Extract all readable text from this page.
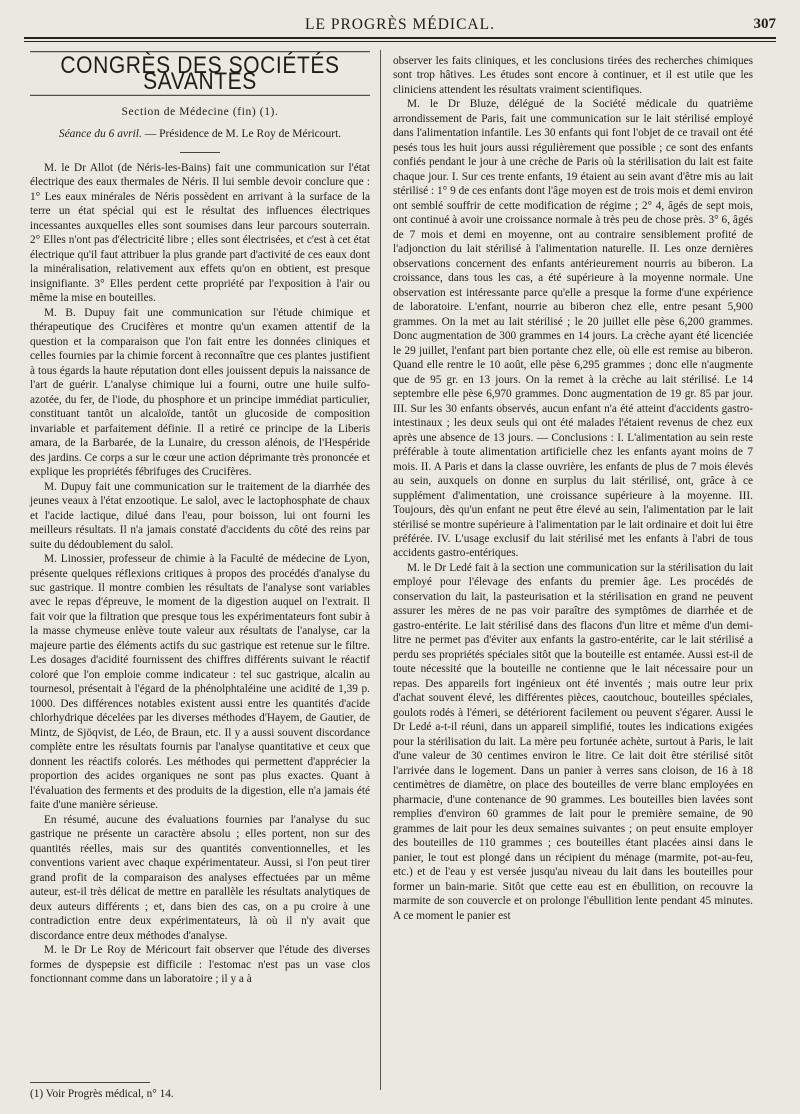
LE PROGRÈS MÉDICAL.	307
CONGRÈS DES SOCIÉTÉS SAVANTES
Section de Médecine (fin) (1).
Séance du 6 avril. — Présidence de M. Le Roy de Méricourt.

M. le Dr Allot (de Néris-les-Bains) fait une communication sur l'état électrique des eaux thermales de Néris. Il lui semble devoir conclure que : 1° Les eaux minérales de Néris possèdent en arrivant à la surface de la terre un état spécial qui est le résultat des influences électriques incessantes auxquelles elles sont soumises dans leur parcours souterrain. 2° Elles n'ont pas d'électricité libre ; elles sont électrisées, et c'est à cet état électrique qu'il faut attribuer la plus grande part d'activité de ces eaux dont la minéralisation, relativement aux effets qu'on en obtient, est presque insignifiante. 3° Elles perdent cette propriété par l'exposition à l'air ou même la mise en bouteilles.

M. B. Dupuy fait une communication sur l'étude chimique et thérapeutique des Crucifères et montre qu'un examen attentif de la question et la comparaison que l'on fait entre les données cliniques et celles fournies par la chimie forcent à reconnaître que ces plantes justifient à tous égards la haute réputation dont elles jouissent depuis la naissance de l'art de guérir. L'analyse chimique lui a fourni, outre une huile sulfo-azotée, du fer, de l'iode, du phosphore et un principe immédiat particulier, constituant tantôt un alcaloïde, tantôt un glucoside de composition invariable et parfaitement définie. Il a retiré ce principe de la Liberis amara, de la Barbarée, de la Lunaire, du cresson alénois, de l'Hespéride des jardins. Ce corps a sur le cœur une action déprimante très prononcée et explique les propriétés fébrifuges des Crucifères.

M. Dupuy fait une communication sur le traitement de la diarrhée des jeunes veaux à l'état enzootique. Le salol, avec le lactophosphate de chaux et l'acide lactique, dilué dans l'eau, pour boisson, lui ont fourni les meilleurs résultats. Il n'a jamais constaté d'accidents du côté des reins par suite du dédoublement du salol.

M. Linossier, professeur de chimie à la Faculté de médecine de Lyon, présente quelques réflexions critiques à propos des procédés d'analyse du suc gastrique. Il montre combien les résultats de l'analyse sont variables avec le repas d'épreuve, le moment de la digestion auquel on l'extrait. Il fait voir que la filtration que presque tous les expérimentateurs font subir à la masse chymeuse enlève toute valeur aux résultats de l'analyse, car la majeure partie des éléments actifs du suc gastrique est retenue sur le filtre. Les dosages d'acidité fournissent des chiffres différents suivant le réactif coloré que l'on emploie comme indicateur : tel suc gastrique, alcalin au tournesol, présentait à l'égard de la phénolphtaléine une acidité de 1,39 p. 1000. Des différences notables existent aussi entre les quantités d'acide chlorhydrique décelées par les diverses méthodes d'Hayem, de Gautier, de Mintz, de Sjöqvist, de Léo, de Braun, etc. Il y a aussi souvent discordance complète entre les résultats fournis par l'analyse quantitative et ceux que donnent les réactifs colorés. Les méthodes qui permettent d'apprécier la proportion des acides organiques ne sont pas plus exactes. Quant à l'évaluation des ferments et des produits de la digestion, elle n'a jamais été faite d'une manière sérieuse.

En résumé, aucune des évaluations fournies par l'analyse du suc gastrique ne présente un caractère absolu ; elles portent, non sur des quantités réelles, mais sur des quantités conventionnelles, et les conventions varient avec chaque expérimentateur. Aussi, si l'on peut tirer grand profit de la comparaison des analyses effectuées par un même auteur, est-il très délicat de mettre en parallèle les résultats analytiques de deux auteurs différents ; et, dans bien des cas, on a pu croire à une contradiction entre deux expérimentateurs, là où il n'y avait que discordance entre deux méthodes d'analyse.

M. le Dr Le Roy de Méricourt fait observer que l'étude des diverses formes de dyspepsie est difficile : l'estomac n'est pas un vase clos fonctionnant comme dans un laboratoire ; il y a à

observer les faits cliniques, et les conclusions tirées des recherches chimiques sont trop hâtives. Les études sont encore à continuer, et il est utile que les cliniciens attendent les résultats vraiment scientifiques.

M. le Dr Bluze, délégué de la Société médicale du quatrième arrondissement de Paris, fait une communication sur le lait stérilisé employé dans l'alimentation infantile. Les 30 enfants qui font l'objet de ce travail ont été pesés tous les huit jours aussi régulièrement que possible ; ce sont des enfants confiés pendant le jour à une crèche de Paris où la stérilisation du lait est faite chaque jour. I. Sur ces trente enfants, 19 étaient au sein avant d'être mis au lait stérilisé : 1° 9 de ces enfants dont l'âge moyen est de trois mois et demi environ ont semblé souffrir de cette modification de régime ; 2° 4, âgés de sept mois, ont continué à avoir une croissance normale à très peu de chose près. 3° 6, âgés de 7 mois et demi en moyenne, ont au contraire sensiblement profité de l'adjonction du lait stérilisé à l'alimentation naturelle. II. Les onze dernières observations concernent des enfants antérieurement nourris au biberon. La croissance, dans tous les cas, a été supérieure à la moyenne normale. Une observation est intéressante parce qu'elle a presque la forme d'une expérience de laboratoire. L'enfant, nourrie au biberon chez elle, entre pesant 5,900 grammes. On la met au lait stérilisé ; le 20 juillet elle pèse 6,200 grammes. Donc augmentation de 300 grammes en 14 jours. La crèche ayant été licenciée le 29 juillet, l'enfant part bien portante chez elle, où elle est remise au biberon. Quand elle rentre le 10 août, elle pèse 6,295 grammes ; donc elle n'augmente que de 95 gr. en 13 jours. On la remet à la crèche au lait stérilisé. Le 14 septembre elle pèse 6,970 grammes. Donc augmentation de 19 gr. 85 par jour. III. Sur les 30 enfants observés, aucun enfant n'a été atteint d'accidents gastro-intestinaux ; les deux seuls qui ont été malades l'étaient revenus de chez eux après une absence de 13 jours. — Conclusions : I. L'alimentation au sein reste préférable à toute alimentation artificielle chez les enfants ayant moins de 7 mois. II. A Paris et dans la classe ouvrière, les enfants de plus de 7 mois élevés au sein, auxquels on donne en surplus du lait stérilisé, ont, grâce à ce supplément d'alimentation, une croissance supérieure à la moyenne. III. Toujours, dès qu'un enfant ne peut être élevé au sein, l'alimentation par le lait stérilisé se montre supérieure à l'alimentation par le lait ordinaire et doit lui être préférée. IV. L'usage exclusif du lait stérilisé met les enfants à l'abri de tous accidents gastro-entériques.

M. le Dr Ledé fait à la section une communication sur la stérilisation du lait employé pour l'élevage des enfants du premier âge. Les procédés de conservation du lait, la pasteurisation et la stérilisation en grand ne peuvent assurer les mères de ne pas voir paraître des symptômes de diarrhée et de gastro-entérite. Le lait stérilisé dans des flacons d'un litre et même d'un demi-litre ne permet pas d'éviter aux enfants la gastro-entérite, car le lait stérilisé a perdu ses propriétés spéciales sitôt que la bouteille est entamée. Aussi est-il de toute nécessité que la bouteille ne contienne que le lait nécessaire pour un repas. Des appareils fort ingénieux ont été inventés ; mais outre leur prix d'achat souvent élevé, les différentes pièces, caoutchouc, bouteilles spéciales, goulots rodés à l'émeri, se détériorent facilement ou peuvent s'égarer. Aussi le Dr Ledé a-t-il réuni, dans un appareil simplifié, toutes les indications exigées pour la stérilisation du lait. La mère peu fortunée achète, surtout à Paris, le lait d'une valeur de 30 centimes environ le litre. Ce lait doit être stérilisé sitôt l'arrivée dans le logement. Dans un panier à verres sans cloison, de 16 à 18 centimètres de diamètre, on place des bouteilles de verre blanc employées en pharmacie, d'une contenance de 90 grammes. Les bouteilles bien lavées sont remplies d'environ 60 grammes de lait pour le première semaine, de 90 grammes de lait pour les deux semaines suivantes ; on peut ensuite employer des bouteilles de 110 grammes ; ces bouteilles étant placées ainsi dans le panier, le tout est plongé dans un récipient du ménage (marmite, pot-au-feu, etc.) et de l'eau y est versée jusqu'au niveau du lait dans les bouteilles pour former un bain-marie. Sitôt que cette eau est en ébullition, on recouvre la marmite de son couvercle et on prolonge l'ébullition lente pendant 45 minutes. A ce moment le panier est

(1) Voir Progrès médical, n° 14.
